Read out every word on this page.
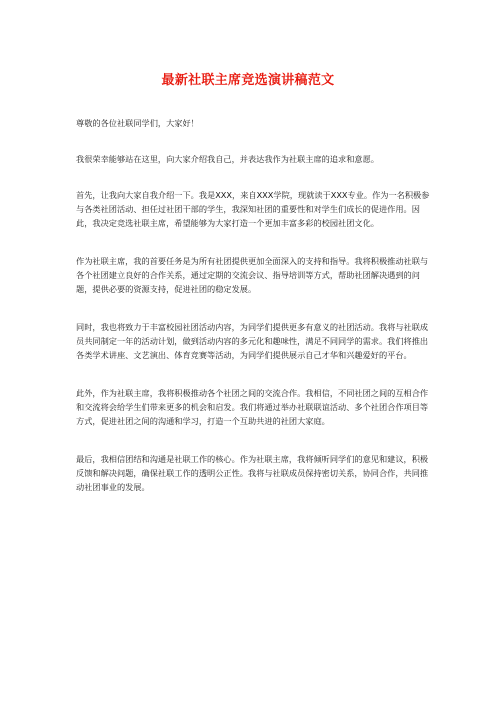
最新社联主席竞选演讲稿范文

尊敬的各位社联同学们，大家好！

我很荣幸能够站在这里，向大家介绍我自己，并表达我作为社联主席的追求和意愿。

首先，让我向大家自我介绍一下。我是XXX，来自XXX学院，现就读于XXX专业。作为一名积极参与各类社团活动、担任过社团干部的学生，我深知社团的重要性和对学生们成长的促进作用。因此，我决定竞选社联主席，希望能够为大家打造一个更加丰富多彩的校园社团文化。

作为社联主席，我的首要任务是为所有社团提供更加全面深入的支持和指导。我将积极推动社联与各个社团建立良好的合作关系，通过定期的交流会议、指导培训等方式，帮助社团解决遇到的问题，提供必要的资源支持，促进社团的稳定发展。

同时，我也将致力于丰富校园社团活动内容，为同学们提供更多有意义的社团活动。我将与社联成员共同制定一年的活动计划，做到活动内容的多元化和趣味性，满足不同同学的需求。我们将推出各类学术讲座、文艺演出、体育竞赛等活动，为同学们提供展示自己才华和兴趣爱好的平台。

此外，作为社联主席，我将积极推动各个社团之间的交流合作。我相信，不同社团之间的互相合作和交流将会给学生们带来更多的机会和启发。我们将通过举办社联联谊活动、多个社团合作项目等方式，促进社团之间的沟通和学习，打造一个互助共进的社团大家庭。

最后，我相信团结和沟通是社联工作的核心。作为社联主席，我将倾听同学们的意见和建议，积极反馈和解决问题，确保社联工作的透明公正性。我将与社联成员保持密切关系，协同合作，共同推动社团事业的发展。
